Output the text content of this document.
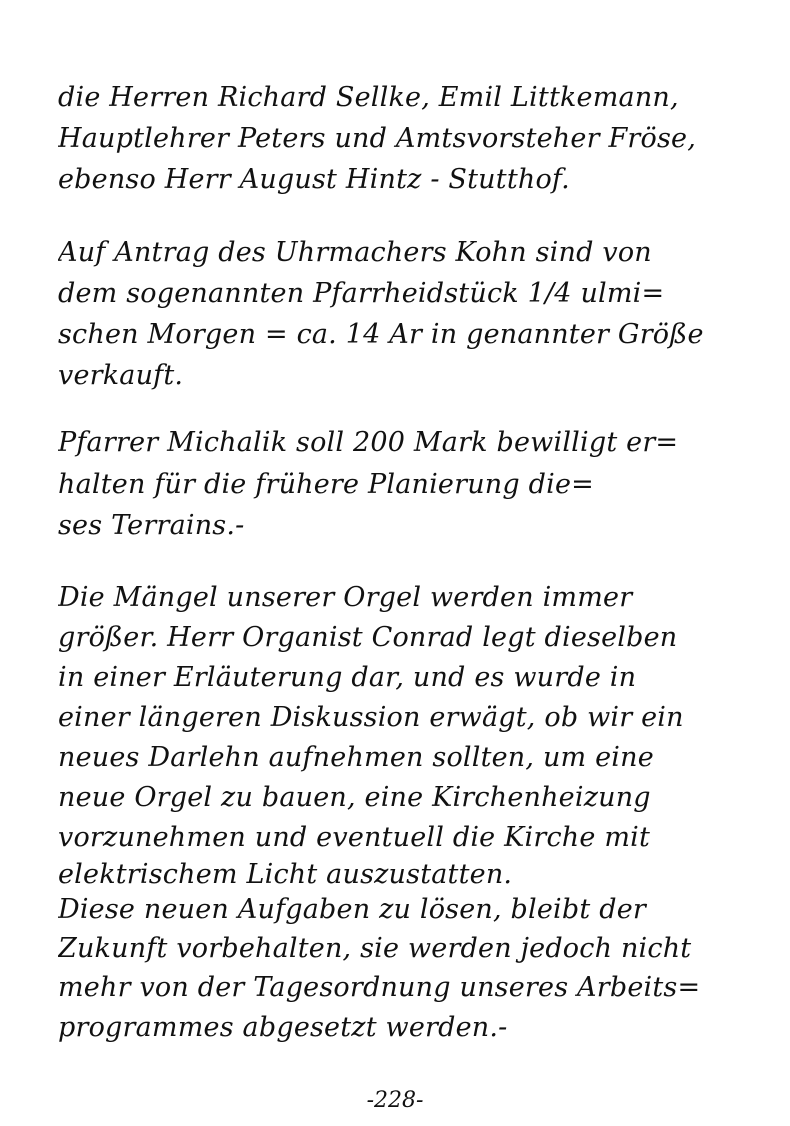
die Herren Richard Sellke, Emil Littkemann,
Hauptlehrer Peters und Amtsvorsteher Fröse,
ebenso Herr August Hintz - Stutthof.
Auf Antrag des Uhrmachers Kohn sind von
dem sogenannten Pfarrheidstück 1/4 ulmi=
schen Morgen = ca. 14 Ar in genannter Größe
verkauft.
Pfarrer Michalik soll 200 Mark bewilligt er=
halten für die frühere Planierung die=
ses Terrains.-
Die Mängel unserer Orgel werden immer
größer. Herr Organist Conrad legt dieselben
in einer Erläuterung dar, und es wurde in
einer längeren Diskussion erwägt, ob wir ein
neues Darlehn aufnehmen sollten, um eine
neue Orgel zu bauen, eine Kirchenheizung
vorzunehmen und eventuell die Kirche mit
elektrischem Licht auszustatten.
Diese neuen Aufgaben zu lösen, bleibt der
Zukunft vorbehalten, sie werden jedoch nicht
mehr von der Tagesordnung unseres Arbeits=
programmes abgesetzt werden.-
-228-
